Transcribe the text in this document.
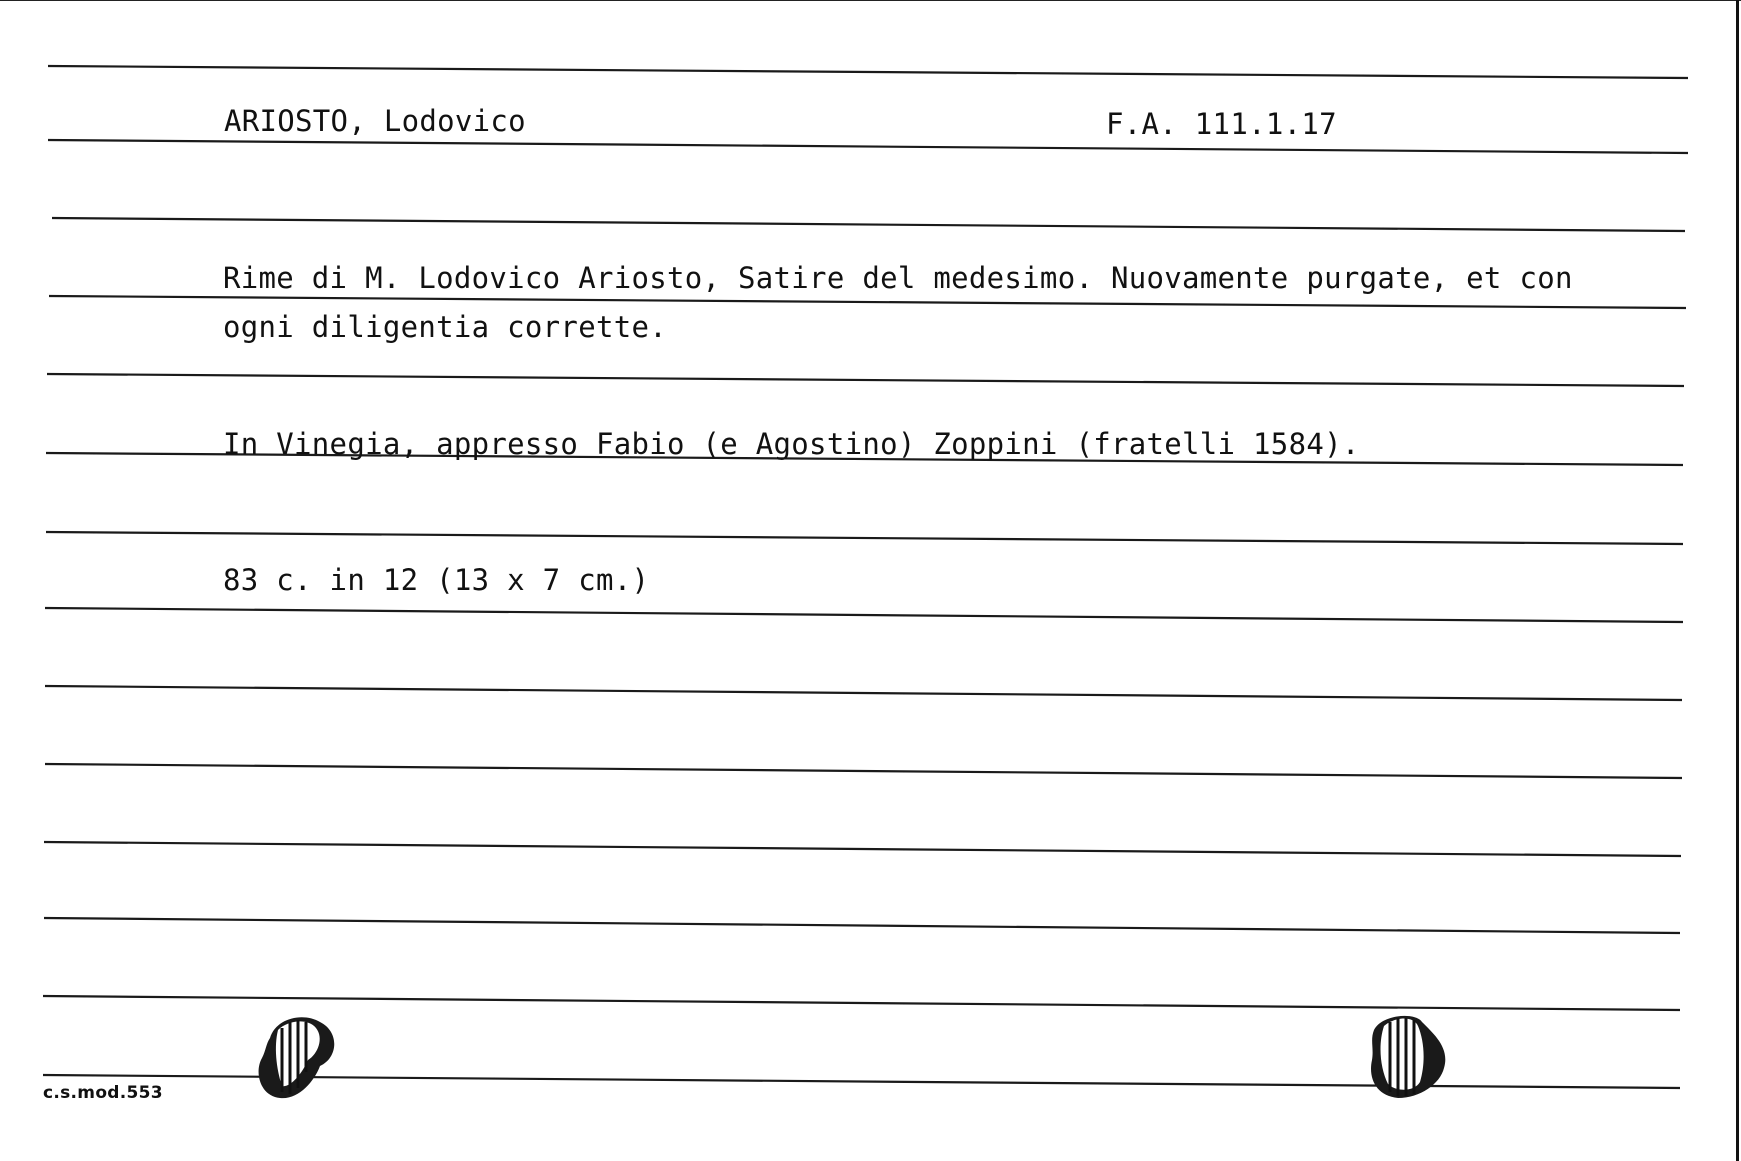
ARIOSTO, Lodovico	F.A. 111.1.17
Rime di M. Lodovico Ariosto, Satire del medesimo. Nuovamente purgate, et con
ogni diligentia corrette.
In Vinegia, appresso Fabio (e Agostino) Zoppini (fratelli 1584).
83 c. in 12 (13 x 7 cm.)
c.s.mod.553
